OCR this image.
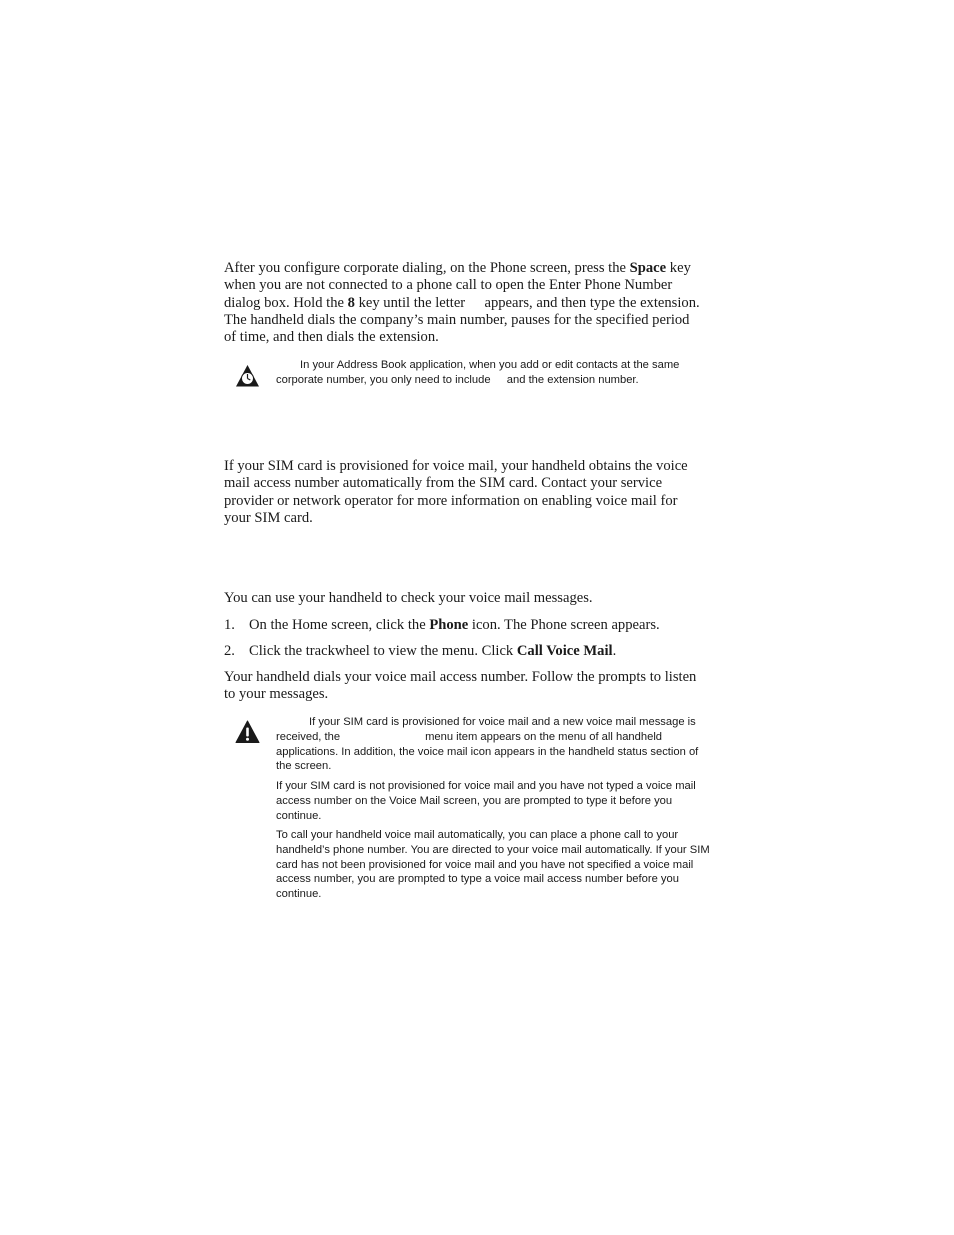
After you configure corporate dialing, on the Phone screen, press the Space key
when you are not connected to a phone call to open the Enter Phone Number
dialog box. Hold the 8 key until the letter  appears, and then type the extension.
The handheld dials the company’s main number, pauses for the specified period
of time, and then dials the extension.
In your Address Book application, when you add or edit contacts at the same
corporate number, you only need to include  and the extension number.
If your SIM card is provisioned for voice mail, your handheld obtains the voice
mail access number automatically from the SIM card. Contact your service
provider or network operator for more information on enabling voice mail for
your SIM card.
You can use your handheld to check your voice mail messages.
1. On the Home screen, click the Phone icon. The Phone screen appears.
2. Click the trackwheel to view the menu. Click Call Voice Mail.
Your handheld dials your voice mail access number. Follow the prompts to listen
to your messages.
If your SIM card is provisioned for voice mail and a new voice mail message is
received, the	menu item appears on the menu of all handheld
applications. In addition, the voice mail icon appears in the handheld status section of
the screen.
If your SIM card is not provisioned for voice mail and you have not typed a voice mail
access number on the Voice Mail screen, you are prompted to type it before you
continue.
To call your handheld voice mail automatically, you can place a phone call to your
handheld’s phone number. You are directed to your voice mail automatically. If your SIM
card has not been provisioned for voice mail and you have not specified a voice mail
access number, you are prompted to type a voice mail access number before you
continue.
